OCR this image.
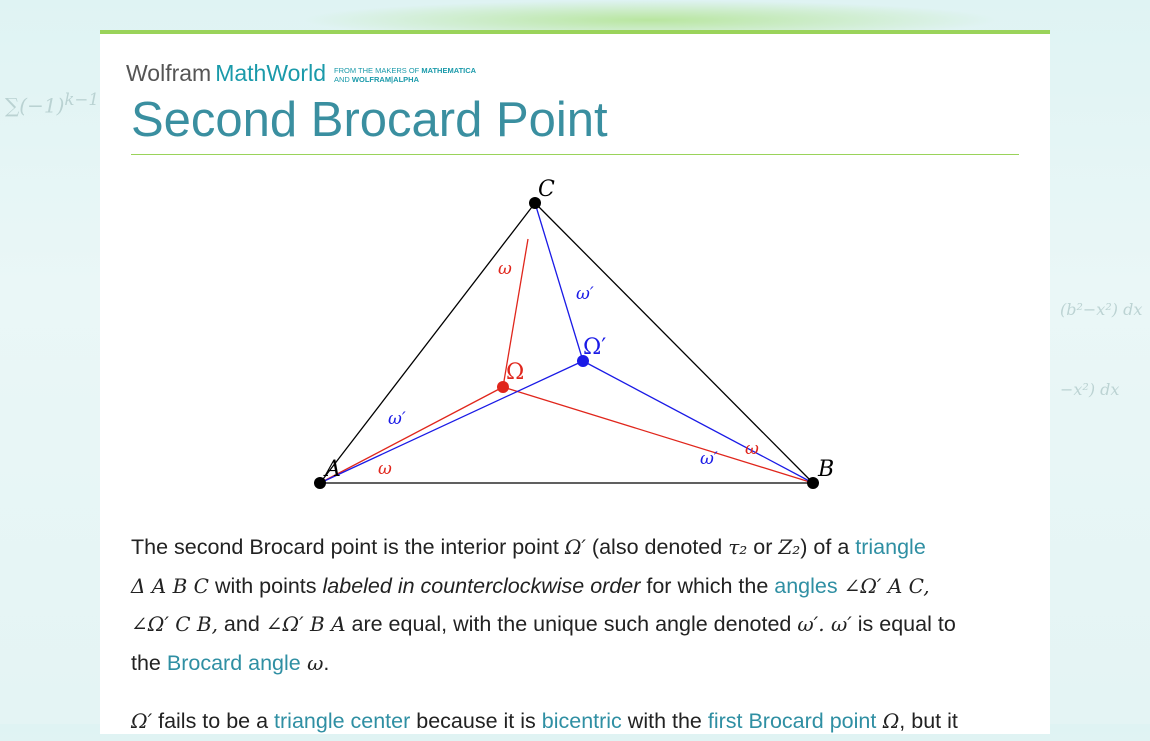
$\sum(-1)^{k-1}$
(b²−x²) dx
−x²) dx
Wolfram MathWorld FROM THE MAKERS OF MATHEMATICA
AND WOLFRAM|ALPHA
Second Brocard Point
A	B
C
Ω
Ω′
ω
ω
ω
ω′
ω′
ω′
The second Brocard point is the interior point Ω′ (also denoted τ₂ or Z₂) of a triangle
Δ A B C with points labeled in counterclockwise order for which the angles ∠Ω′ A C,
∠Ω′ C B, and ∠Ω′ B A are equal, with the unique such angle denoted ω′. ω′ is equal to
the Brocard angle ω.
Ω′ fails to be a triangle center because it is bicentric with the first Brocard point Ω, but it
